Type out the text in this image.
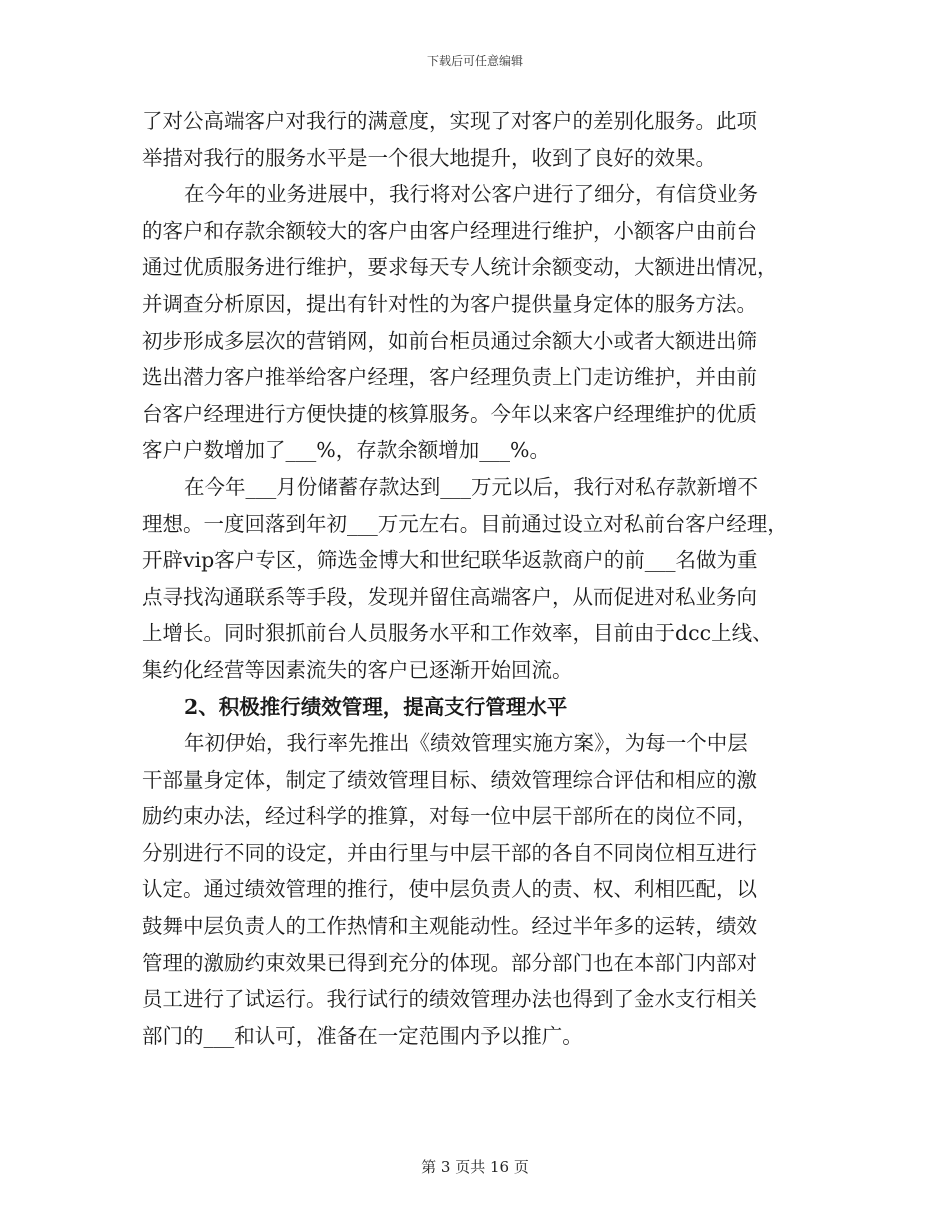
下载后可任意编辑
了对公高端客户对我行的满意度，实现了对客户的差别化服务。此项
举措对我行的服务水平是一个很大地提升，收到了良好的效果。
在今年的业务进展中，我行将对公客户进行了细分，有信贷业务
的客户和存款余额较大的客户由客户经理进行维护，小额客户由前台
通过优质服务进行维护，要求每天专人统计余额变动，大额进出情况，
并调查分析原因，提出有针对性的为客户提供量身定体的服务方法。
初步形成多层次的营销网，如前台柜员通过余额大小或者大额进出筛
选出潜力客户推举给客户经理，客户经理负责上门走访维护，并由前
台客户经理进行方便快捷的核算服务。今年以来客户经理维护的优质
客户户数增加了___%，存款余额增加___%。
在今年___月份储蓄存款达到___万元以后，我行对私存款新增不
理想。一度回落到年初___万元左右。目前通过设立对私前台客户经理，
开辟vip客户专区，筛选金博大和世纪联华返款商户的前___名做为重
点寻找沟通联系等手段，发现并留住高端客户，从而促进对私业务向
上增长。同时狠抓前台人员服务水平和工作效率，目前由于dcc上线、
集约化经营等因素流失的客户已逐渐开始回流。
2、积极推行绩效管理，提高支行管理水平
年初伊始，我行率先推出《绩效管理实施方案》，为每一个中层
干部量身定体，制定了绩效管理目标、绩效管理综合评估和相应的激
励约束办法，经过科学的推算，对每一位中层干部所在的岗位不同，
分别进行不同的设定，并由行里与中层干部的各自不同岗位相互进行
认定。通过绩效管理的推行，使中层负责人的责、权、利相匹配，以
鼓舞中层负责人的工作热情和主观能动性。经过半年多的运转，绩效
管理的激励约束效果已得到充分的体现。部分部门也在本部门内部对
员工进行了试运行。我行试行的绩效管理办法也得到了金水支行相关
部门的___和认可，准备在一定范围内予以推广。
第 3 页共 16 页
